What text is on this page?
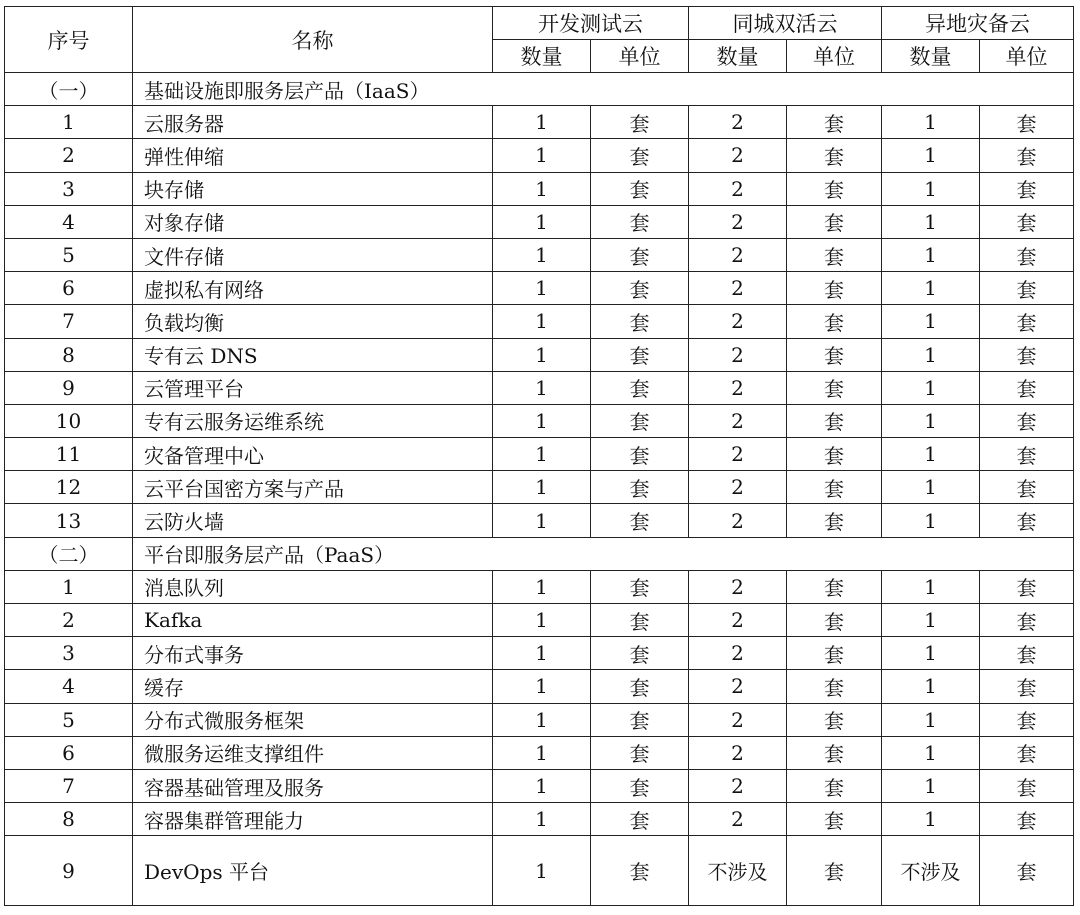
序号	名称	开发测试云		同城双活云		异地灾备云	
		数量	单位	数量	单位	数量	单位
（一）	基础设施即服务层产品（IaaS）						
1	云服务器	1	套	2	套	1	套
2	弹性伸缩	1	套	2	套	1	套
3	块存储	1	套	2	套	1	套
4	对象存储	1	套	2	套	1	套
5	文件存储	1	套	2	套	1	套
6	虚拟私有网络	1	套	2	套	1	套
7	负载均衡	1	套	2	套	1	套
8	专有云 DNS	1	套	2	套	1	套
9	云管理平台	1	套	2	套	1	套
10	专有云服务运维系统	1	套	2	套	1	套
11	灾备管理中心	1	套	2	套	1	套
12	云平台国密方案与产品	1	套	2	套	1	套
13	云防火墙	1	套	2	套	1	套
（二）	平台即服务层产品（PaaS）						
1	消息队列	1	套	2	套	1	套
2	Kafka	1	套	2	套	1	套
3	分布式事务	1	套	2	套	1	套
4	缓存	1	套	2	套	1	套
5	分布式微服务框架	1	套	2	套	1	套
6	微服务运维支撑组件	1	套	2	套	1	套
7	容器基础管理及服务	1	套	2	套	1	套
8	容器集群管理能力	1	套	2	套	1	套
9	DevOps 平台	1	套	不涉及	套	不涉及	套
